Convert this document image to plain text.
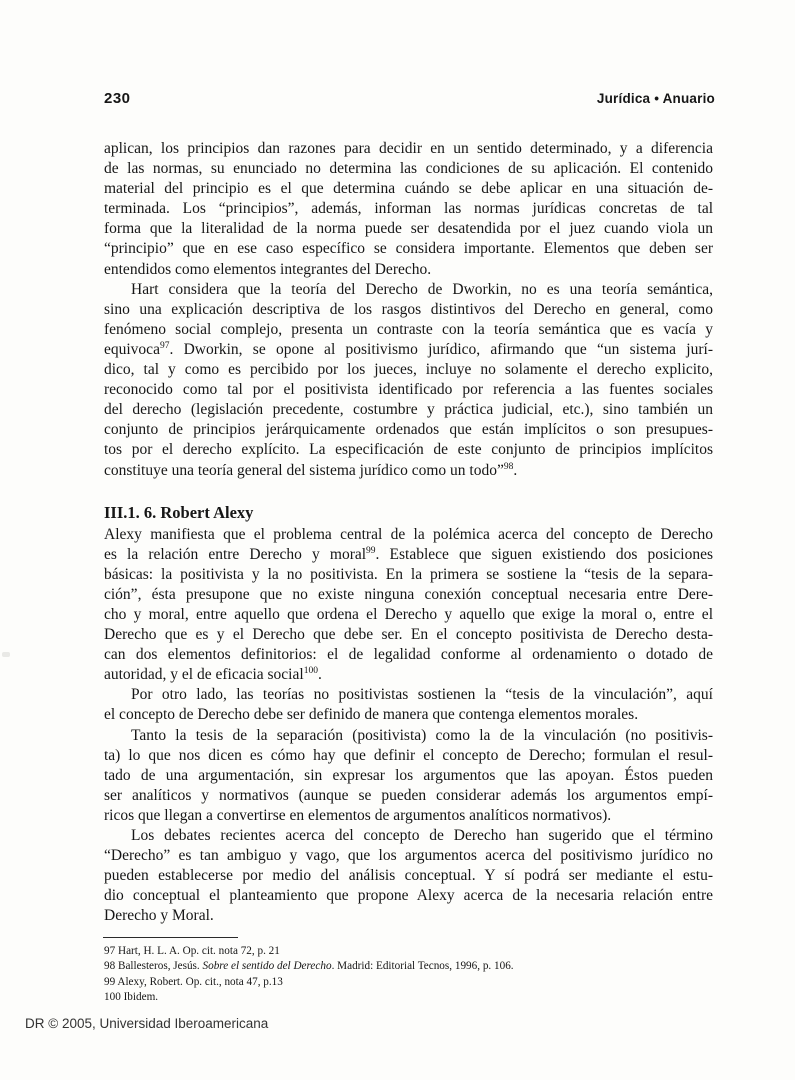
230	Jurídica • Anuario
aplican, los principios dan razones para decidir en un sentido determinado, y a diferencia
de las normas, su enunciado no determina las condiciones de su aplicación. El contenido
material del principio es el que determina cuándo se debe aplicar en una situación de-
terminada. Los “principios”, además, informan las normas jurídicas concretas de tal
forma que la literalidad de la norma puede ser desatendida por el juez cuando viola un
“principio” que en ese caso específico se considera importante. Elementos que deben ser
entendidos como elementos integrantes del Derecho.
Hart considera que la teoría del Derecho de Dworkin, no es una teoría semántica,
sino una explicación descriptiva de los rasgos distintivos del Derecho en general, como
fenómeno social complejo, presenta un contraste con la teoría semántica que es vacía y
equivoca$^{97}$. Dworkin, se opone al positivismo jurídico, afirmando que “un sistema jurí-
dico, tal y como es percibido por los jueces, incluye no solamente el derecho explicito,
reconocido como tal por el positivista identificado por referencia a las fuentes sociales
del derecho (legislación precedente, costumbre y práctica judicial, etc.), sino también un
conjunto de principios jerárquicamente ordenados que están implícitos o son presupues-
tos por el derecho explícito. La especificación de este conjunto de principios implícitos
constituye una teoría general del sistema jurídico como un todo”$^{98}$.
III.1. 6. Robert Alexy
Alexy manifiesta que el problema central de la polémica acerca del concepto de Derecho
es la relación entre Derecho y moral$^{99}$. Establece que siguen existiendo dos posiciones
básicas: la positivista y la no positivista. En la primera se sostiene la “tesis de la separa-
ción”, ésta presupone que no existe ninguna conexión conceptual necesaria entre Dere-
cho y moral, entre aquello que ordena el Derecho y aquello que exige la moral o, entre el
Derecho que es y el Derecho que debe ser. En el concepto positivista de Derecho desta-
can dos elementos definitorios: el de legalidad conforme al ordenamiento o dotado de
autoridad, y el de eficacia social$^{100}$.
Por otro lado, las teorías no positivistas sostienen la “tesis de la vinculación”, aquí
el concepto de Derecho debe ser definido de manera que contenga elementos morales.
Tanto la tesis de la separación (positivista) como la de la vinculación (no positivis-
ta) lo que nos dicen es cómo hay que definir el concepto de Derecho; formulan el resul-
tado de una argumentación, sin expresar los argumentos que las apoyan. Éstos pueden
ser analíticos y normativos (aunque se pueden considerar además los argumentos empí-
ricos que llegan a convertirse en elementos de argumentos analíticos normativos).
Los debates recientes acerca del concepto de Derecho han sugerido que el término
“Derecho” es tan ambiguo y vago, que los argumentos acerca del positivismo jurídico no
pueden establecerse por medio del análisis conceptual. Y sí podrá ser mediante el estu-
dio conceptual el planteamiento que propone Alexy acerca de la necesaria relación entre
Derecho y Moral.
97 Hart, H. L. A. Op. cit. nota 72, p. 21
98 Ballesteros, Jesús. Sobre el sentido del Derecho. Madrid: Editorial Tecnos, 1996, p. 106.
99 Alexy, Robert. Op. cit., nota 47, p.13
100 Ibidem.
DR © 2005, Universidad Iberoamericana
